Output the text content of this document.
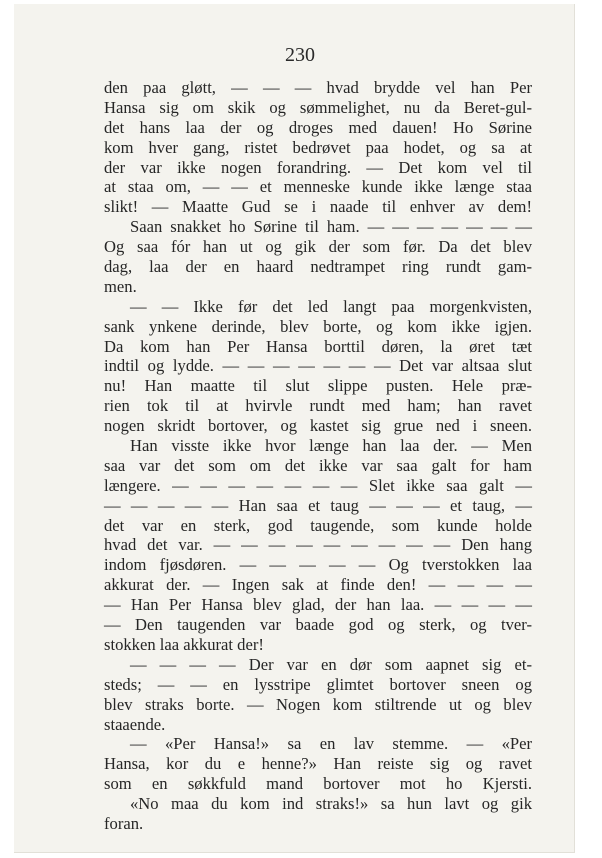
230
den paa gløtt, — — — hvad brydde vel han Per
Hansa sig om skik og sømmelighet, nu da Beret-gul-
det hans laa der og droges med dauen! Ho Sørine
kom hver gang, ristet bedrøvet paa hodet, og sa at
der var ikke nogen forandring. — Det kom vel til
at staa om, — — et menneske kunde ikke længe staa
slikt! — Maatte Gud se i naade til enhver av dem!
Saan snakket ho Sørine til ham. — — — — — — —
Og saa fór han ut og gik der som før. Da det blev
dag, laa der en haard nedtrampet ring rundt gam-
men.
— — Ikke før det led langt paa morgenkvisten,
sank ynkene derinde, blev borte, og kom ikke igjen.
Da kom han Per Hansa borttil døren, la øret tæt
indtil og lydde. — — — — — — — Det var altsaa slut
nu! Han maatte til slut slippe pusten. Hele præ-
rien tok til at hvirvle rundt med ham; han ravet
nogen skridt bortover, og kastet sig grue ned i sneen.
Han visste ikke hvor længe han laa der. — Men
saa var det som om det ikke var saa galt for ham
længere. — — — — — — — Slet ikke saa galt —
— — — — — Han saa et taug — — — et taug, —
det var en sterk, god taugende, som kunde holde
hvad det var. — — — — — — — — — Den hang
indom fjøsdøren. — — — — — Og tverstokken laa
akkurat der. — Ingen sak at finde den! — — — —
— Han Per Hansa blev glad, der han laa. — — — —
— Den taugenden var baade god og sterk, og tver-
stokken laa akkurat der!
— — — — Der var en dør som aapnet sig et-
steds; — — en lysstripe glimtet bortover sneen og
blev straks borte. — Nogen kom stiltrende ut og blev
staaende.
— «Per Hansa!» sa en lav stemme. — «Per
Hansa, kor du e henne?» Han reiste sig og ravet
som en søkkfuld mand bortover mot ho Kjersti.
«No maa du kom ind straks!» sa hun lavt og gik
foran.
